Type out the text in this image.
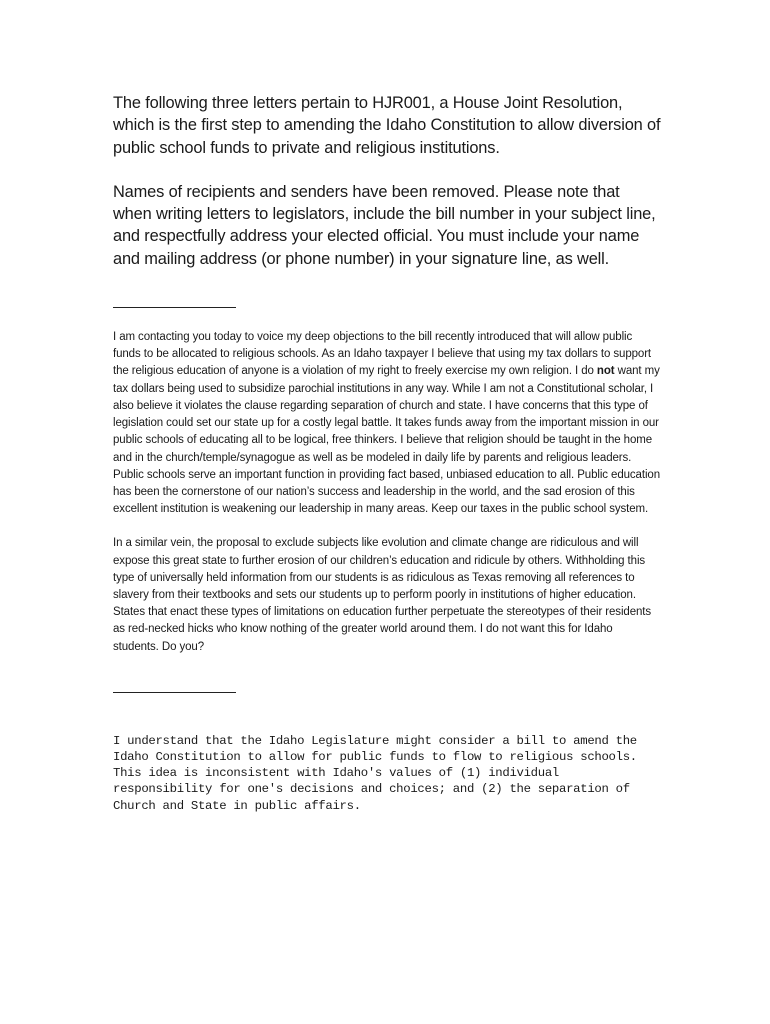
The following three letters pertain to HJR001, a House Joint Resolution, which is the first step to amending the Idaho Constitution to allow diversion of public school funds to private and religious institutions.

Names of recipients and senders have been removed. Please note that when writing letters to legislators, include the bill number in your subject line, and respectfully address your elected official. You must include your name and mailing address (or phone number) in your signature line, as well.

I am contacting you today to voice my deep objections to the bill recently introduced that will allow public funds to be allocated to religious schools. As an Idaho taxpayer I believe that using my tax dollars to support the religious education of anyone is a violation of my right to freely exercise my own religion. I do not want my tax dollars being used to subsidize parochial institutions in any way. While I am not a Constitutional scholar, I also believe it violates the clause regarding separation of church and state. I have concerns that this type of legislation could set our state up for a costly legal battle. It takes funds away from the important mission in our public schools of educating all to be logical, free thinkers. I believe that religion should be taught in the home and in the church/temple/synagogue as well as be modeled in daily life by parents and religious leaders. Public schools serve an important function in providing fact based, unbiased education to all. Public education has been the cornerstone of our nation’s success and leadership in the world, and the sad erosion of this excellent institution is weakening our leadership in many areas. Keep our taxes in the public school system.

In a similar vein, the proposal to exclude subjects like evolution and climate change are ridiculous and will expose this great state to further erosion of our children’s education and ridicule by others. Withholding this type of universally held information from our students is as ridiculous as Texas removing all references to slavery from their textbooks and sets our students up to perform poorly in institutions of higher education. States that enact these types of limitations on education further perpetuate the stereotypes of their residents as red-necked hicks who know nothing of the greater world around them. I do not want this for Idaho students. Do you?

I understand that the Idaho Legislature might consider a bill to amend the Idaho Constitution to allow for public funds to flow to religious schools. This idea is inconsistent with Idaho's values of (1) individual responsibility for one's decisions and choices; and (2) the separation of Church and State in public affairs.
